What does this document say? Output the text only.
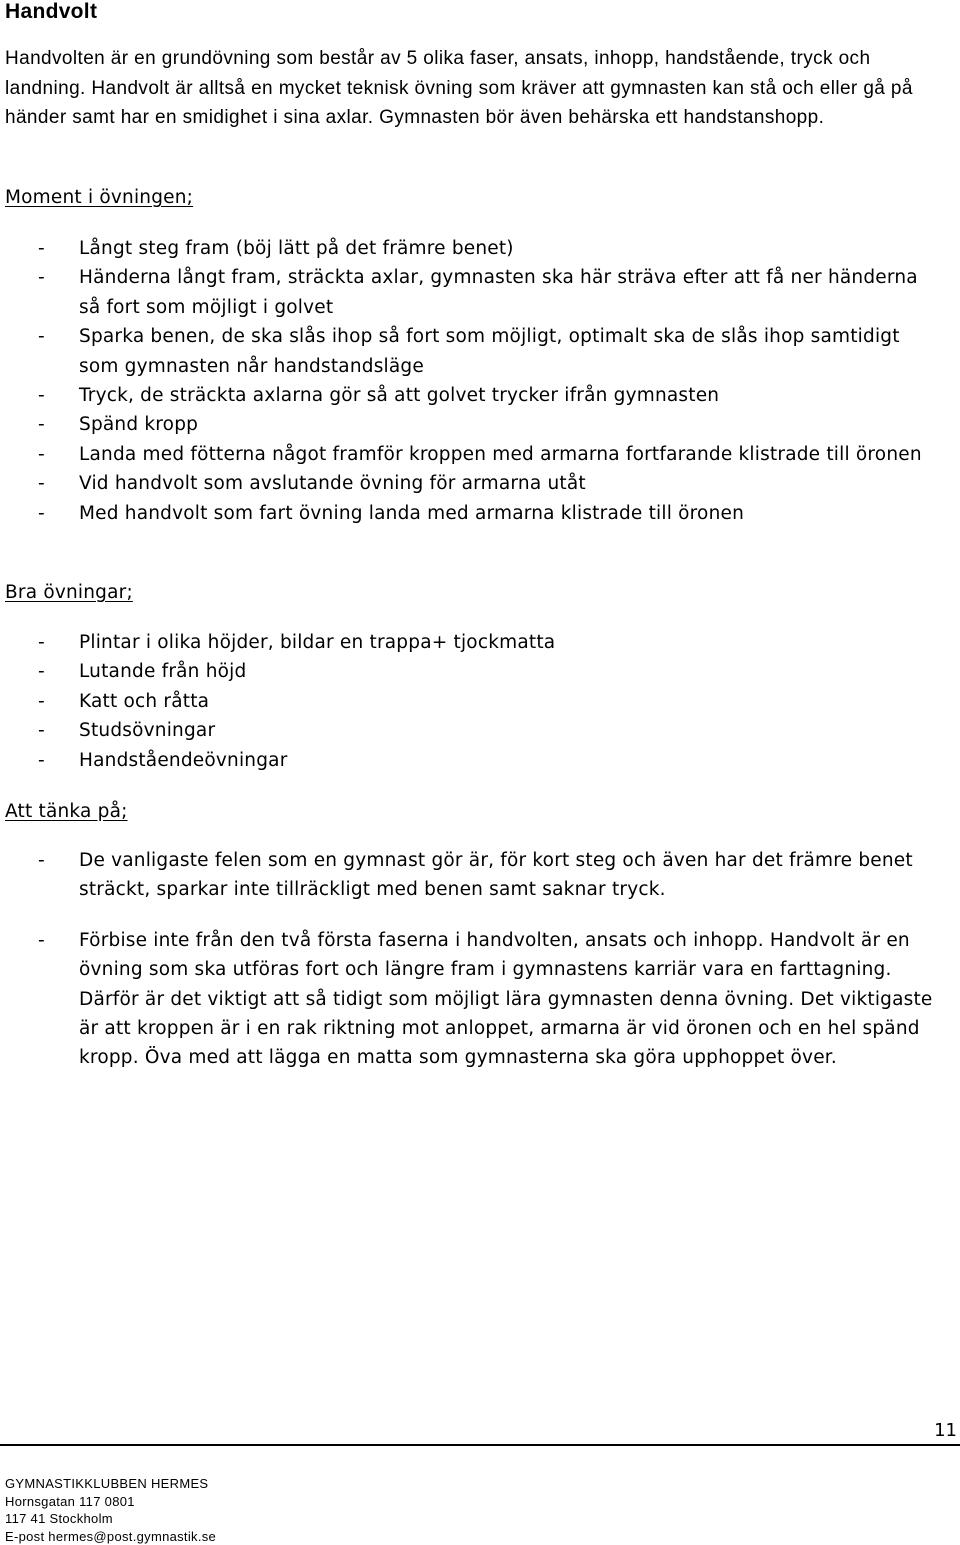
Handvolt

Handvolten är en grundövning som består av 5 olika faser, ansats, inhopp, handstående, tryck och landning. Handvolt är alltså en mycket teknisk övning som kräver att gymnasten kan stå och eller gå på händer samt har en smidighet i sina axlar. Gymnasten bör även behärska ett handstanshopp.

Moment i övningen;
- Långt steg fram (böj lätt på det främre benet)
- Händerna långt fram, sträckta axlar, gymnasten ska här sträva efter att få ner händerna så fort som möjligt i golvet
- Sparka benen, de ska slås ihop så fort som möjligt, optimalt ska de slås ihop samtidigt som gymnasten når handstandsläge
- Tryck, de sträckta axlarna gör så att golvet trycker ifrån gymnasten
- Spänd kropp
- Landa med fötterna något framför kroppen med armarna fortfarande klistrade till öronen
- Vid handvolt som avslutande övning för armarna utåt
- Med handvolt som fart övning landa med armarna klistrade till öronen
Bra övningar;
- Plintar i olika höjder, bildar en trappa+ tjockmatta
- Lutande från höjd
- Katt och råtta
- Studsövningar
- Handståendeövningar
Att tänka på;
- De vanligaste felen som en gymnast gör är, för kort steg och även har det främre benet sträckt, sparkar inte tillräckligt med benen samt saknar tryck.
- Förbise inte från den två första faserna i handvolten, ansats och inhopp. Handvolt är en övning som ska utföras fort och längre fram i gymnastens karriär vara en farttagning. Därför är det viktigt att så tidigt som möjligt lära gymnasten denna övning. Det viktigaste är att kroppen är i en rak riktning mot anloppet, armarna är vid öronen och en hel spänd kropp. Öva med att lägga en matta som gymnasterna ska göra upphoppet över.
11
GYMNASTIKKLUBBEN HERMES
Hornsgatan 117 0801
117 41 Stockholm
E-post hermes@post.gymnastik.se
